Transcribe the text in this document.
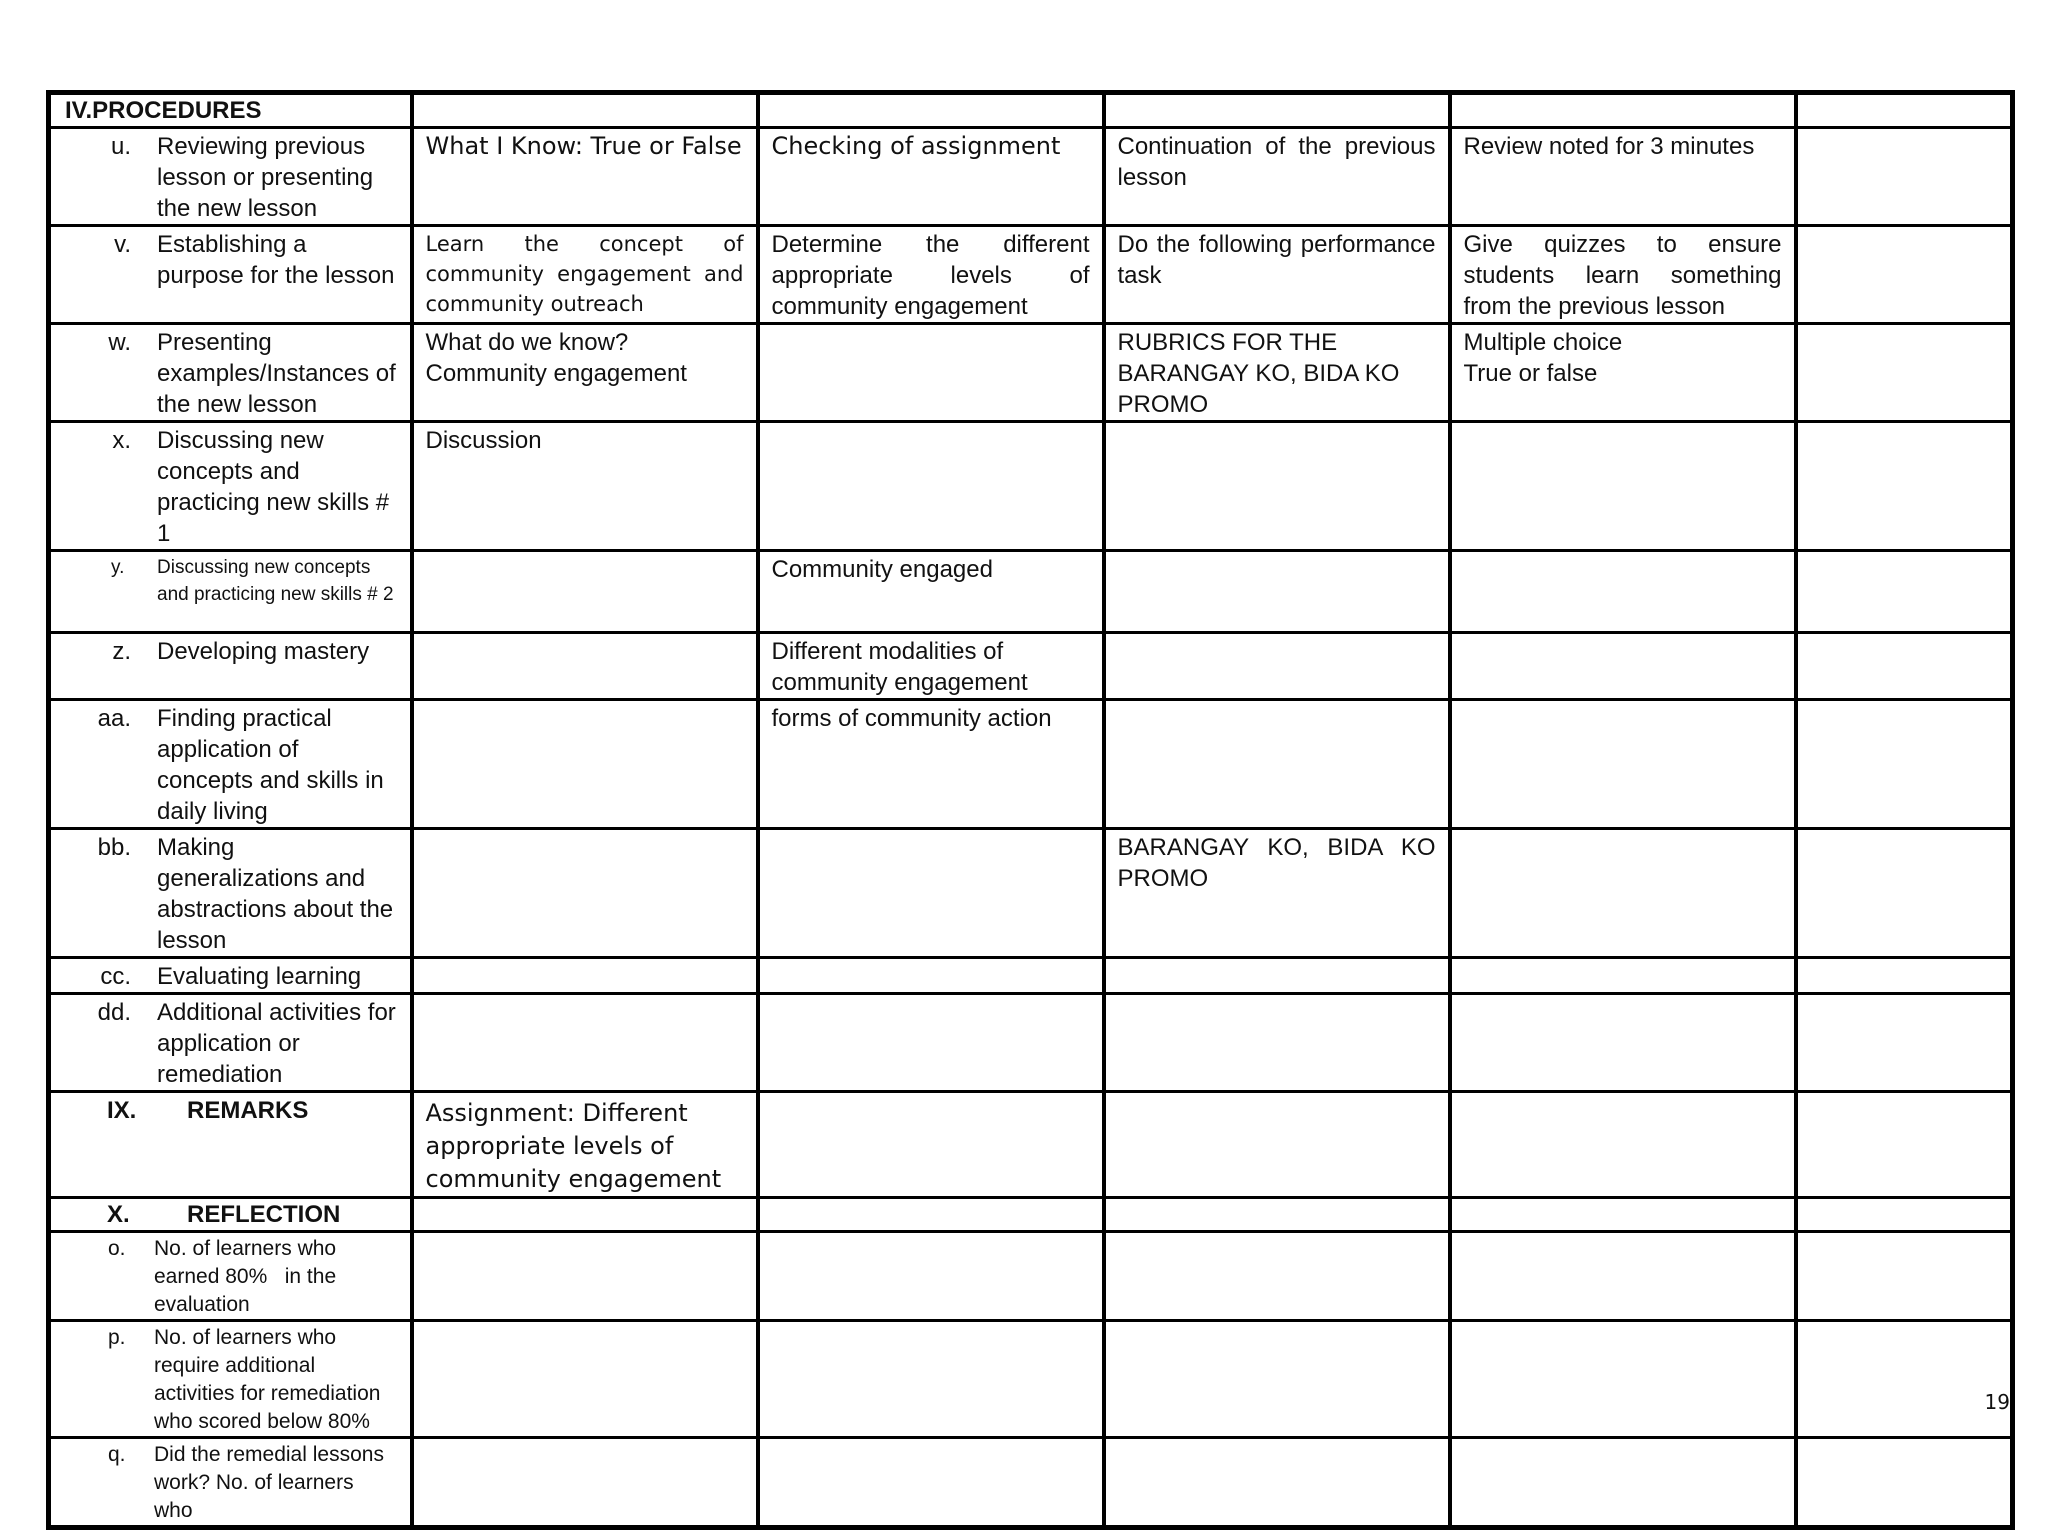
IV.PROCEDURES					

u. Reviewing previous lesson or presenting the new lesson	What I Know: True or False	Checking of assignment	Continuation of the previous lesson	Review noted for 3 minutes	

v. Establishing a purpose for the lesson	Learn the concept of community engagement and community outreach	Determine the different appropriate levels of community engagement	Do the following performance task	Give quizzes to ensure students learn something from the previous lesson	

w. Presenting examples/Instances of the new lesson	What do we know? Community engagement		RUBRICS FOR THE BARANGAY KO, BIDA KO PROMO	Multiple choice
True or false	

x. Discussing new concepts and practicing new skills # 1	Discussion				

y. Discussing new concepts and practicing new skills # 2		Community engaged			

z. Developing mastery		Different modalities of community engagement			

aa. Finding practical application of concepts and skills in daily living		forms of community action			

bb. Making generalizations and abstractions about the lesson			BARANGAY KO, BIDA KO PROMO		

cc. Evaluating learning					

dd. Additional activities for application or remediation					

IX. REMARKS	Assignment: Different appropriate levels of community engagement				

X. REFLECTION					

o. No. of learners who earned 80%   in the evaluation					

p. No. of learners who require additional activities for remediation who scored below 80%					

q. Did the remedial lessons work? No. of learners who					

19
